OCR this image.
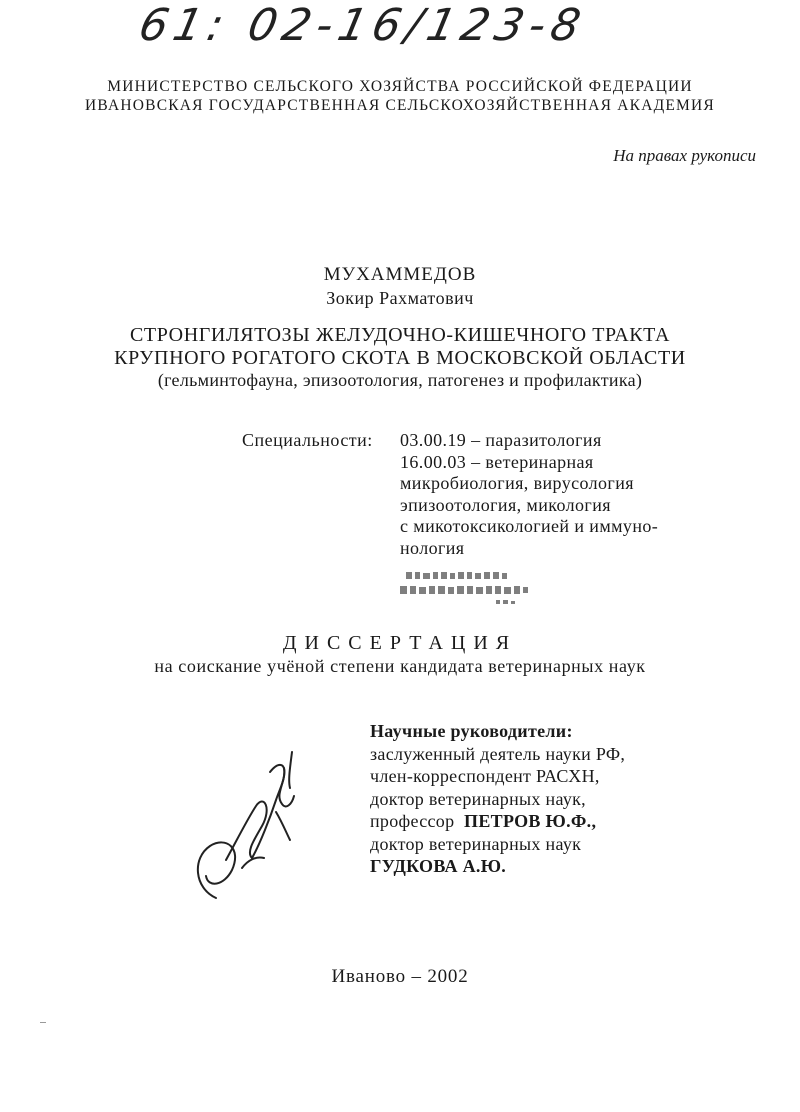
61: 02-16/123-8
МИНИСТЕРСТВО СЕЛЬСКОГО ХОЗЯЙСТВА РОССИЙСКОЙ ФЕДЕРАЦИИ
ИВАНОВСКАЯ ГОСУДАРСТВЕННАЯ СЕЛЬСКОХОЗЯЙСТВЕННАЯ АКАДЕМИЯ
На правах рукописи
МУХАММЕДОВ
Зокир Рахматович
СТРОНГИЛЯТОЗЫ ЖЕЛУДОЧНО-КИШЕЧНОГО ТРАКТА
КРУПНОГО РОГАТОГО СКОТА В МОСКОВСКОЙ ОБЛАСТИ
(гельминтофауна, эпизоотология, патогенез и профилактика)
Специальности: 03.00.19 – паразитология
16.00.03 – ветеринарная
микробиология, вирусология
эпизоотология, микология
с микотоксикологией и иммуно-
нология
ДИССЕРТАЦИЯ
на соискание учёной степени кандидата ветеринарных наук
Научные руководители:
заслуженный деятель науки РФ,
член-корреспондент РАСХН,
доктор ветеринарных наук,
профессор ПЕТРОВ Ю.Ф.,
доктор ветеринарных наук
ГУДКОВА А.Ю.
Иваново – 2002
